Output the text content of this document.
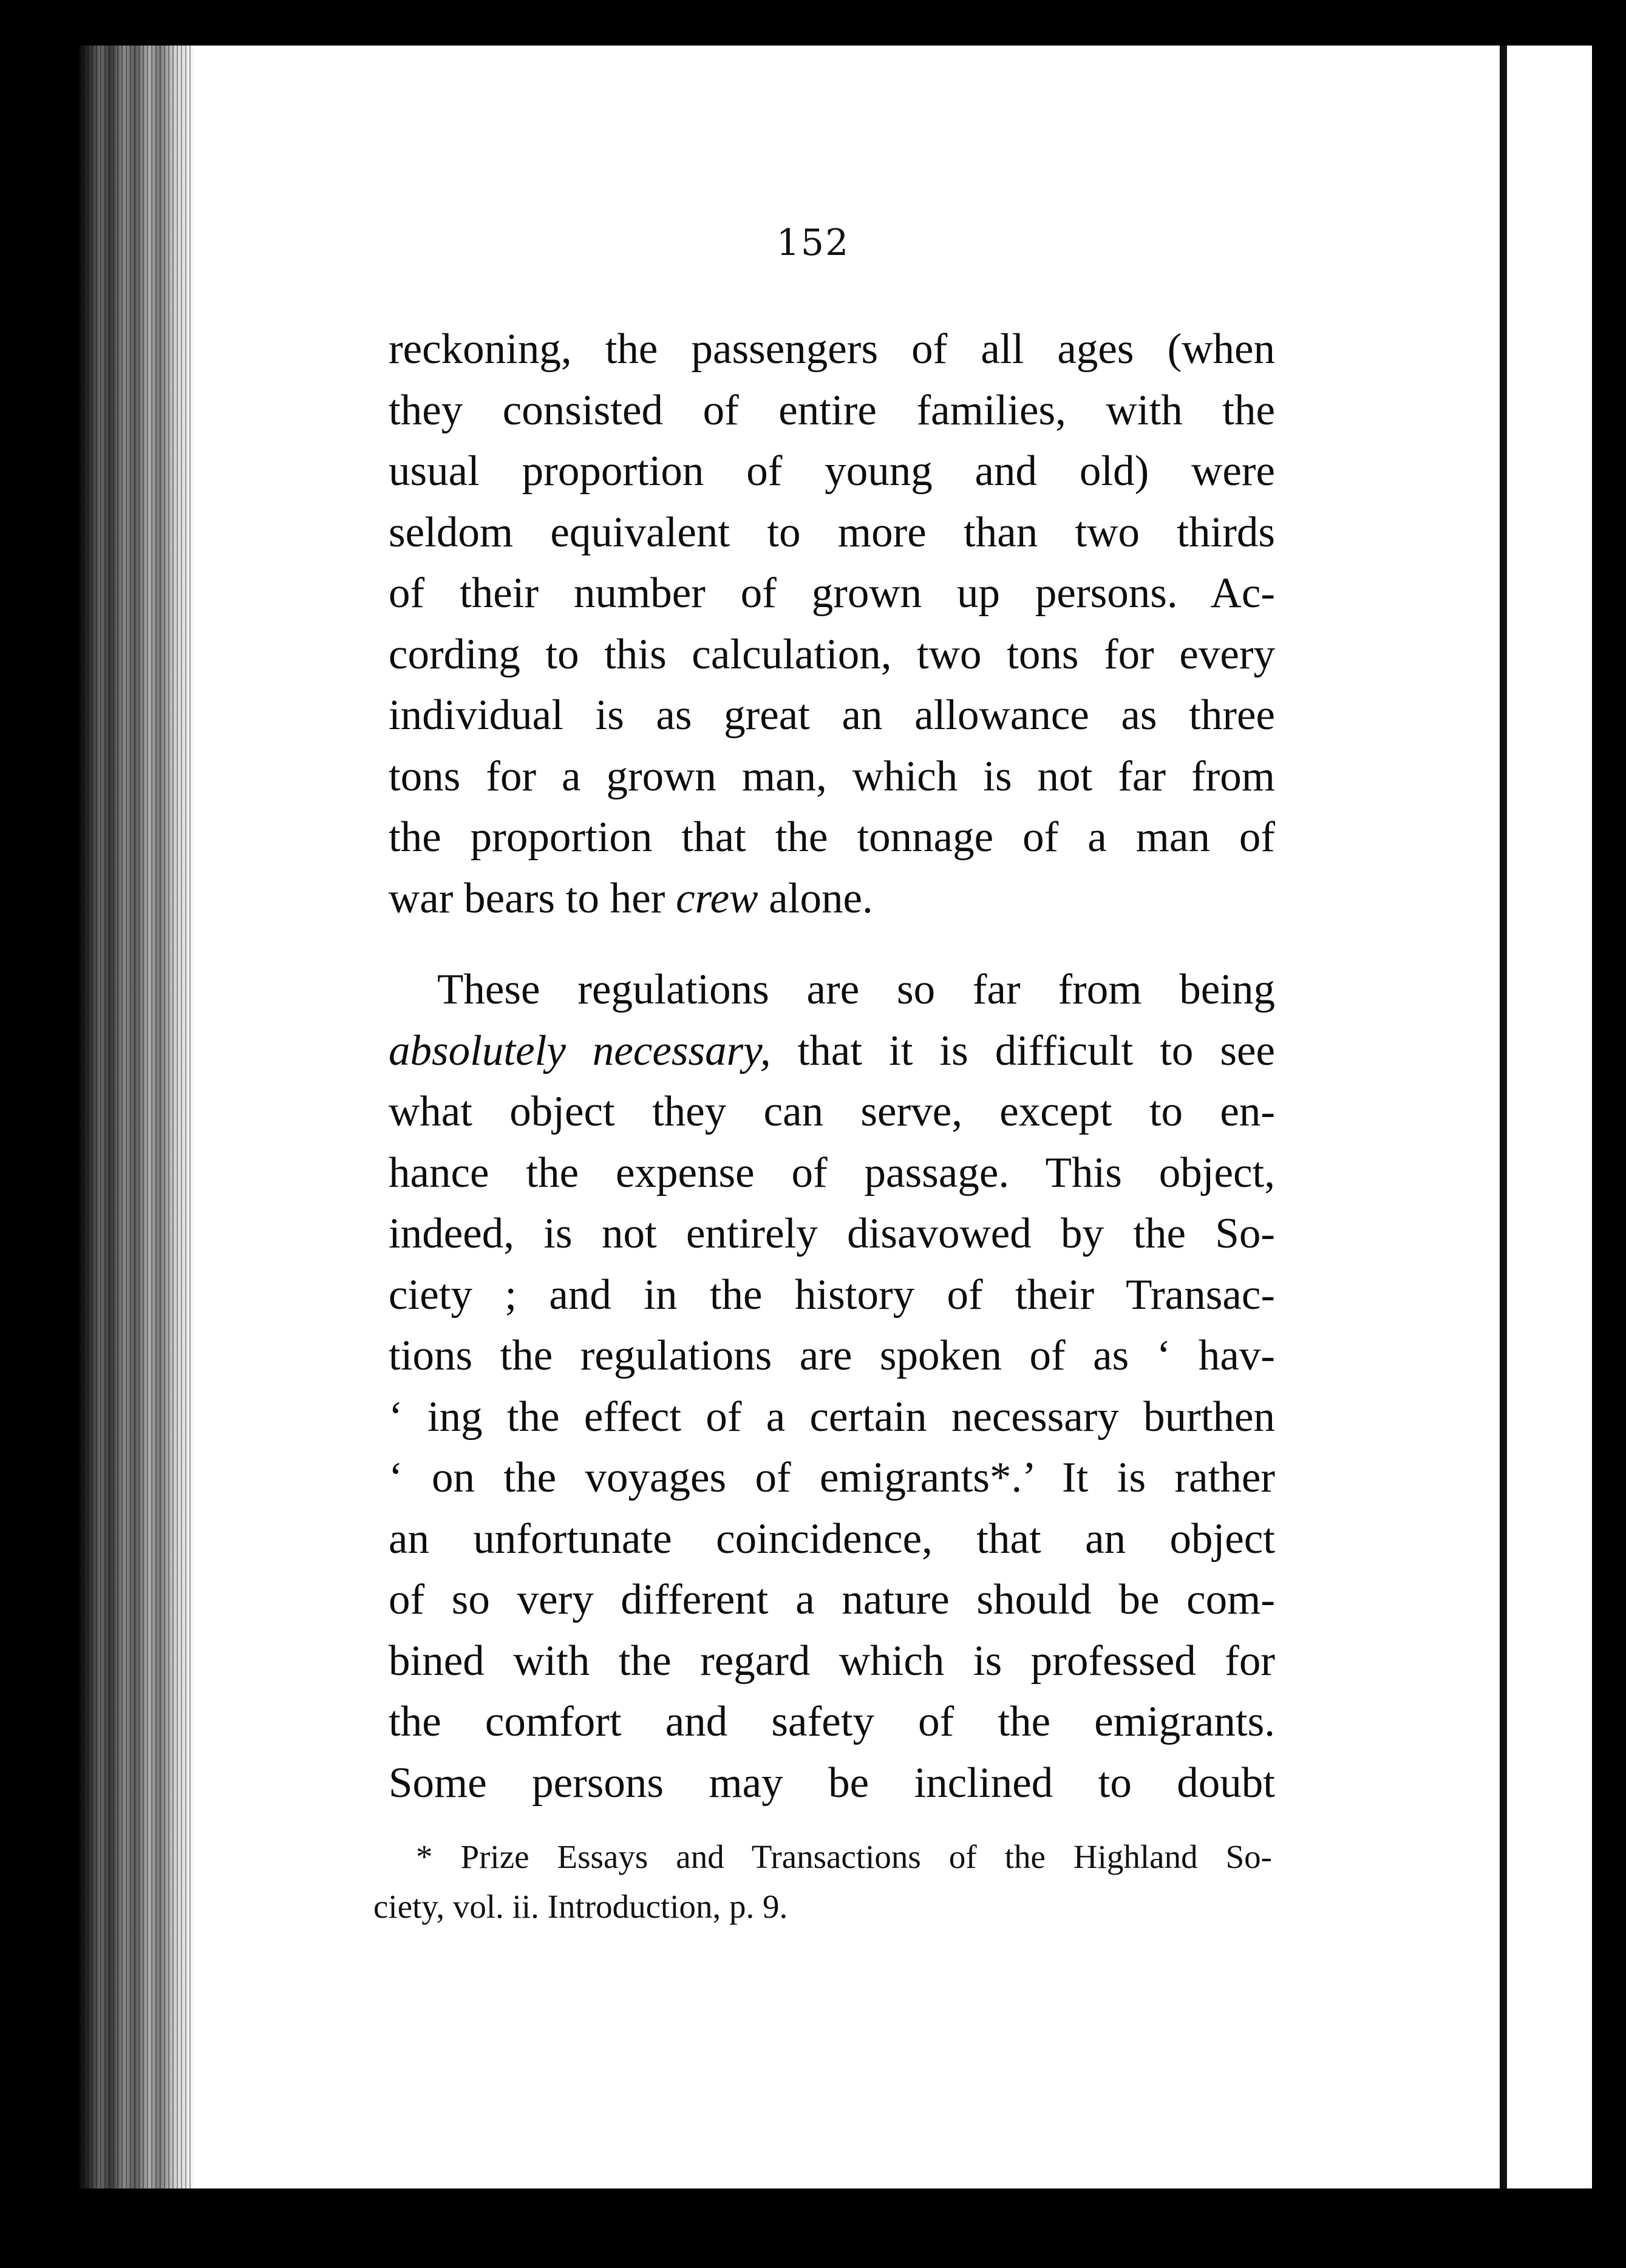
152
reckoning, the passengers of all ages (when
they consisted of entire families, with the
usual proportion of young and old) were
seldom equivalent to more than two thirds
of their number of grown up persons. Ac-
cording to this calculation, two tons for every
individual is as great an allowance as three
tons for a grown man, which is not far from
the proportion that the tonnage of a man of
war bears to her crew alone.
These regulations are so far from being
absolutely necessary, that it is difficult to see
what object they can serve, except to en-
hance the expense of passage. This object,
indeed, is not entirely disavowed by the So-
ciety ; and in the history of their Transac-
tions the regulations are spoken of as ‘ hav-
‘ ing the effect of a certain necessary burthen
‘ on the voyages of emigrants*.’ It is rather
an unfortunate coincidence, that an object
of so very different a nature should be com-
bined with the regard which is professed for
the comfort and safety of the emigrants.
Some persons may be inclined to doubt
* Prize Essays and Transactions of the Highland So-
ciety, vol. ii. Introduction, p. 9.
